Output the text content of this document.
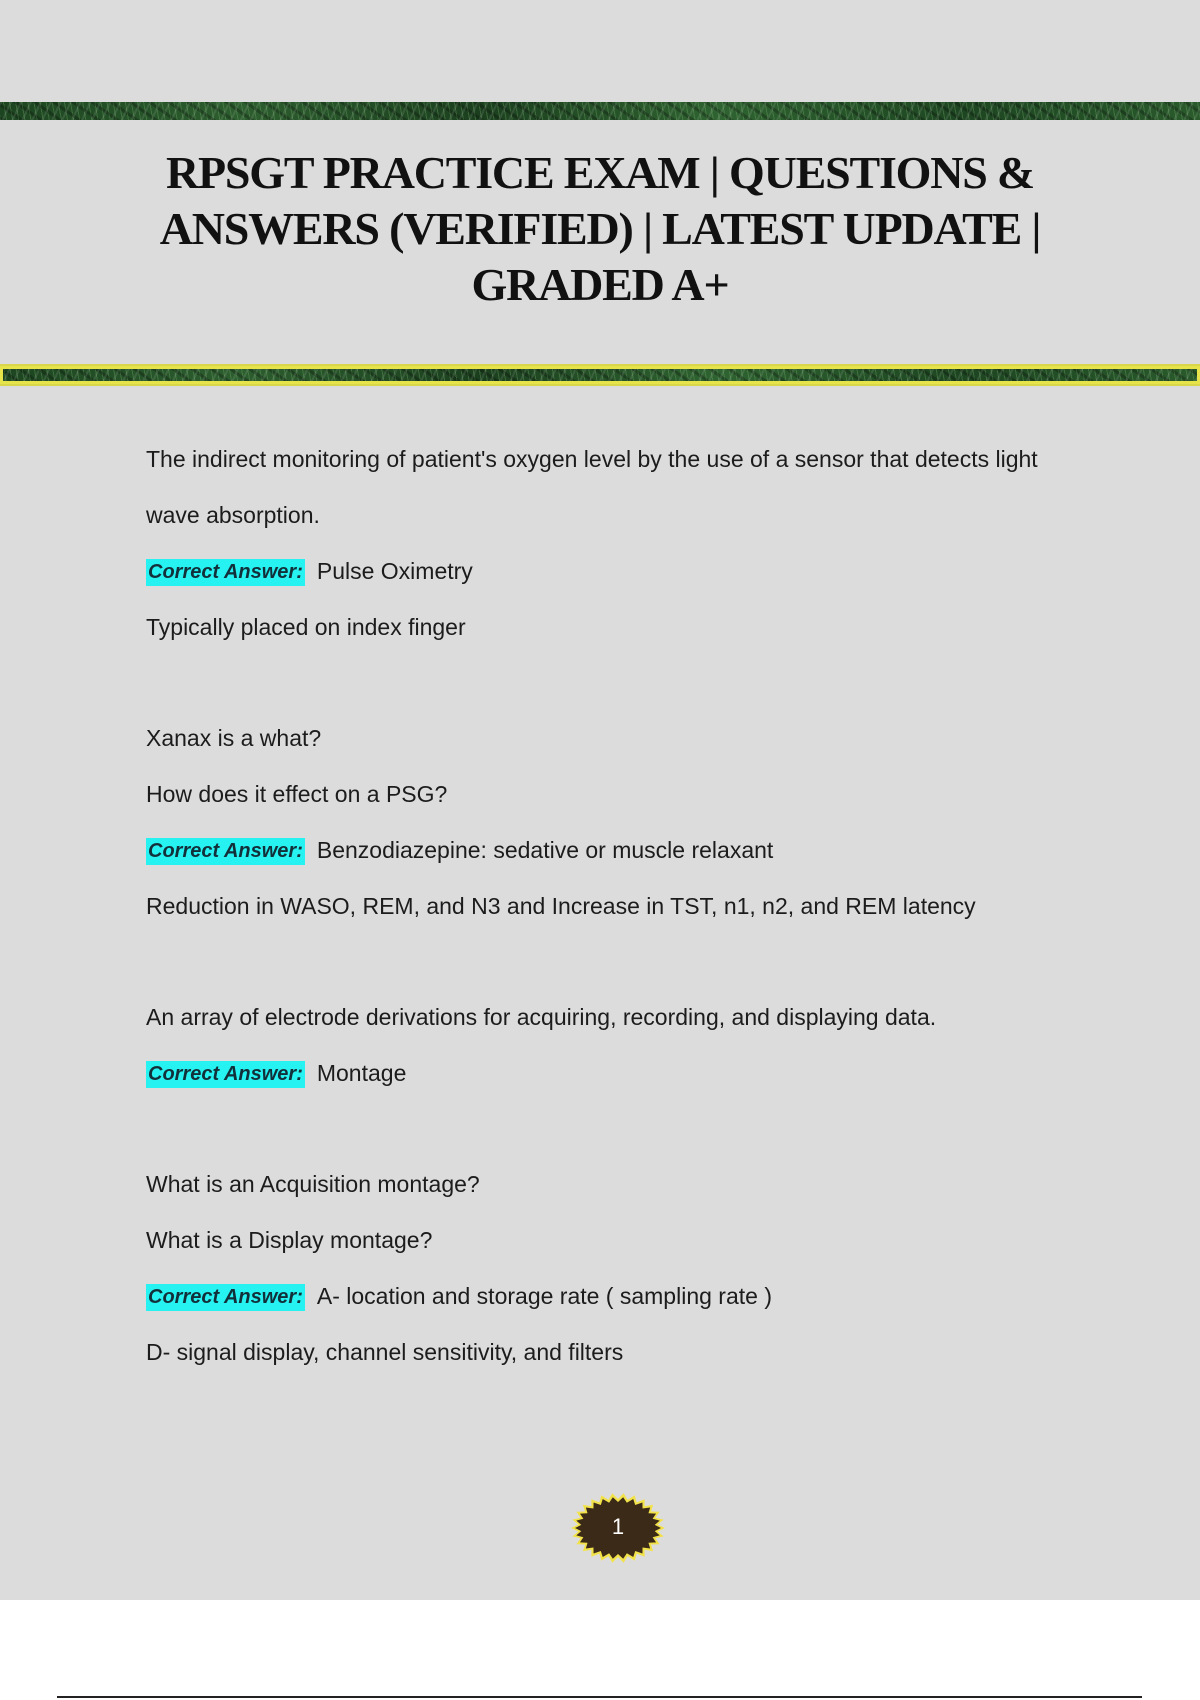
RPSGT PRACTICE EXAM | QUESTIONS & ANSWERS (VERIFIED) | LATEST UPDATE | GRADED A+
The indirect monitoring of patient's oxygen level by the use of a sensor that detects light
wave absorption.
Correct Answer: Pulse Oximetry
Typically placed on index finger
Xanax is a what?
How does it effect on a PSG?
Correct Answer: Benzodiazepine: sedative or muscle relaxant
Reduction in WASO, REM, and N3 and Increase in TST, n1, n2, and REM latency
An array of electrode derivations for acquiring, recording, and displaying data.
Correct Answer: Montage
What is an Acquisition montage?
What is a Display montage?
Correct Answer: A- location and storage rate ( sampling rate )
D- signal display, channel sensitivity, and filters
1
